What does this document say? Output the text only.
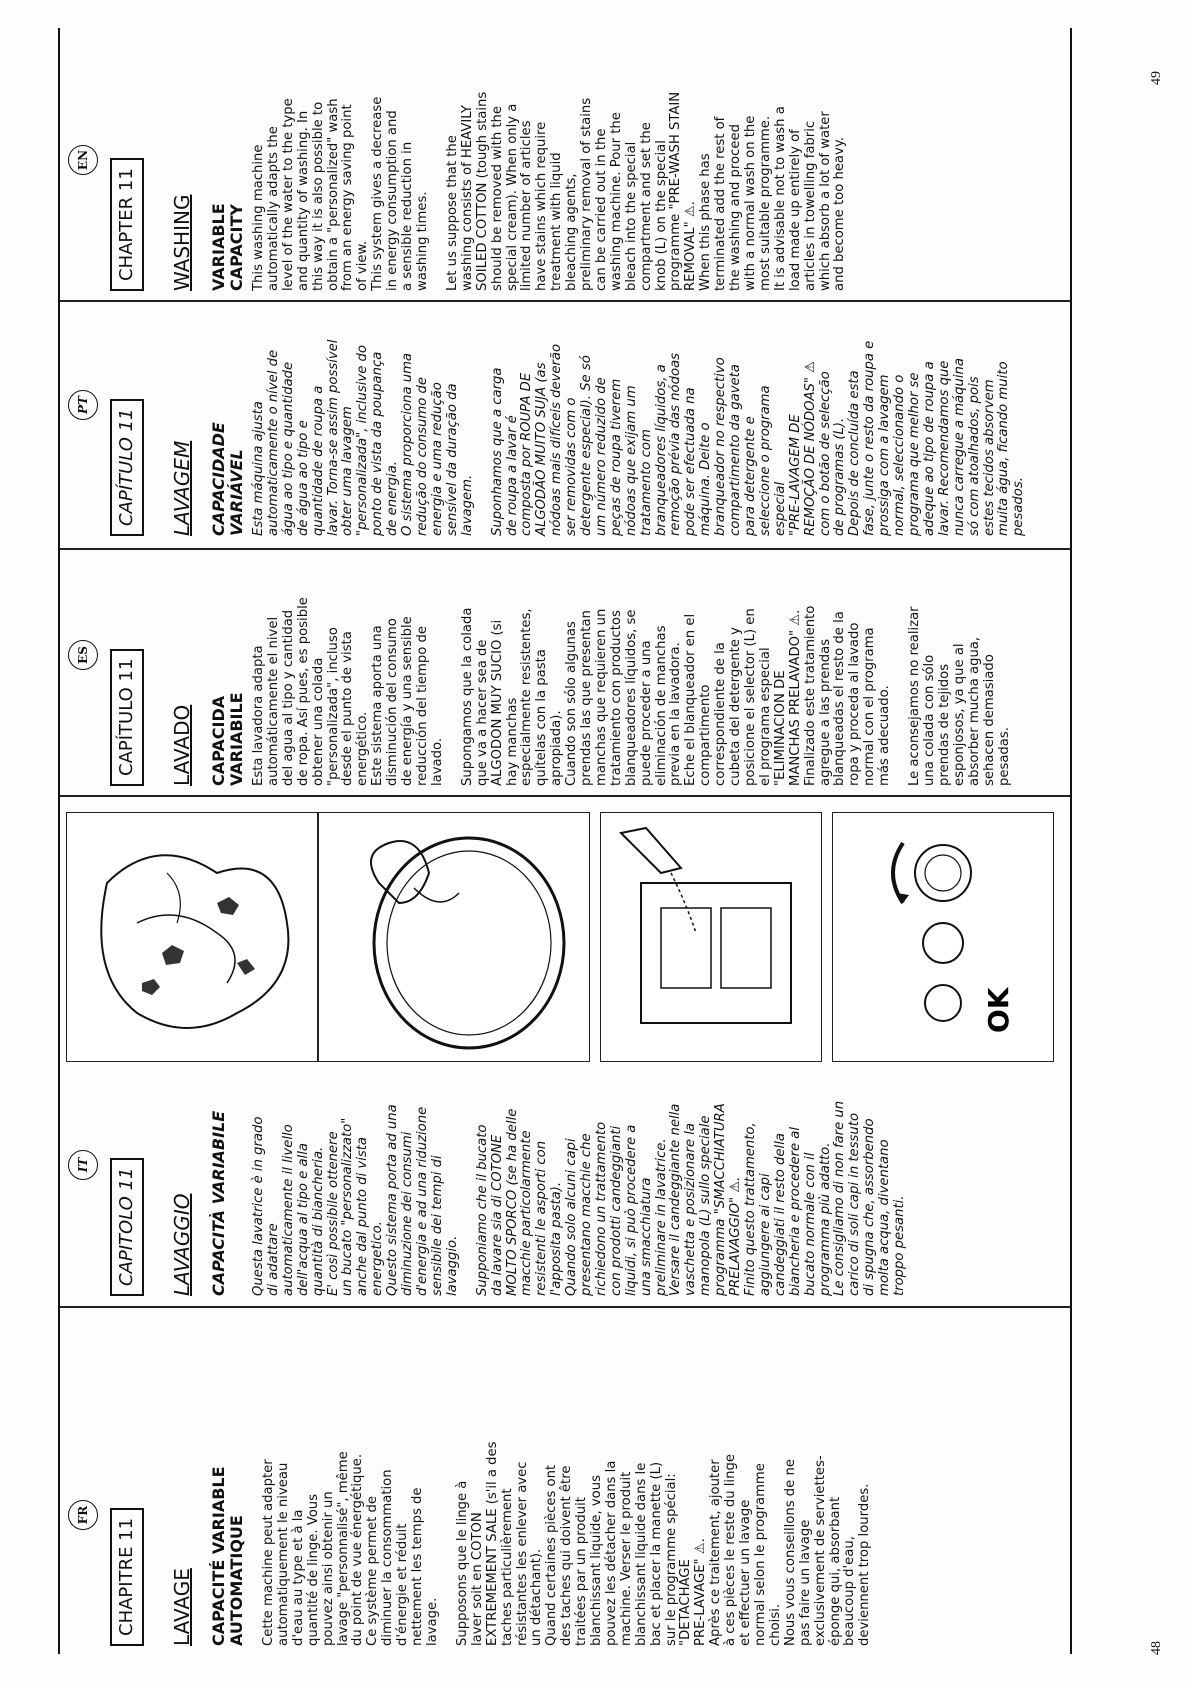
48
49
FR
CHAPITRE 11	LAVAGE CAPACITÉ VARIABLE AUTOMATIQUE Cette machine peut adapter
automatiquement le niveau
d'eau au type et à la
quantité de linge. Vous
pouvez ainsi obtenir un
lavage "personnalisé", même
du point de vue énergétique.
Ce système permet de
diminuer la consommation
d'énergie et réduit
nettement les temps de
lavage. Supposons que le linge à
laver soit en COTON
EXTREMEMENT SALE (s'il a des
taches particulièrement
résistantes les enlever avec
un détachant).
Quand certaines pièces ont
des taches qui doivent être
traitées par un produit
blanchissant liquide, vous
pouvez les détacher dans la
machine. Verser le produit
blanchissant liquide dans le
bac et placer la manette (L)
sur le programme spécial:
"DETACHAGE
PRE-LAVAGE" ⚠.
Après ce traitement, ajouter
à ces pièces le reste du linge
et effectuer un lavage
normal selon le programme
choisi.
Nous vous conseillons de ne
pas faire un lavage
exclusivement de serviettes-
éponge qui, absorbant
beaucoup d'eau,
deviennent trop lourdes.

IT
CAPITOLO 11	LAVAGGIO CAPACITÀ VARIABILE Questa lavatrice è in grado
di adattare
automaticamente il livello
dell'acqua al tipo e alla
quantità di biancheria.
E' così possibile ottenere
un bucato "personalizzato"
anche dal punto di vista
energetico.
Questo sistema porta ad una
diminuzione dei consumi
d'energia e ad una riduzione
sensibile dei tempi di
lavaggio. Supponiamo che il bucato
da lavare sia di COTONE
MOLTO SPORCO (se ha delle
macchie particolarmente
resistenti le asporti con
l'apposita pasta).
Quando solo alcuni capi
presentano macchie che
richiedono un trattamento
con prodotti candeggianti
liquidi, si può procedere a
una smacchiatura
preliminare in lavatrice.
Versare il candeggiante nella
vaschetta e posizionare la
manopola (L) sullo speciale
programma "SMACCHIATURA
PRELAVAGGIO" ⚠.
Finito questo trattamento,
aggiungere ai capi
candeggiati il resto della
biancheria e procedere al
bucato normale con il
programma più adatto.
Le consigliamo di non fare un
carico di soli capi in tessuto
di spugna che, assorbendo
molta acqua, diventano
troppo pesanti.

ES
CAPÍTULO 11	LAVADO CAPACIDA VARIABILE Esta lavadora adapta
automáticamente el nivel
del agua al tipo y cantidad
de ropa. Así pues, es posible
obtener una colada
"personalizada", incluso
desde el punto de vista
energético.
Este sistema aporta una
disminución del consumo
de energía y una sensible
reducción del tiempo de
lavado. Supongamos que la colada
que va a hacer sea de
ALGODON MUY SUCIO (si
hay manchas
especialmente resistentes,
quítelas con la pasta
apropiada).
Cuando son sólo algunas
prendas las que presentan
manchas que requieren un
tratamiento con productos
blanqueadores líquidos, se
puede proceder a una
eliminación de manchas
previa en la lavadora.
Eche el blanqueador en el
compartimento
correspondiente de la
cubeta del detergente y
posicione el selector (L) en
el programa especial
"ELIMINACION DE
MANCHAS PRELAVADO" ⚠.
Finalizado este tratamiento
agregue a las prendas
blanqueadas el resto de la
ropa y proceda al lavado
normal con el programa
más adecuado. Le aconsejamos no realizar
una colada con sólo
prendas de tejidos
esponjosos, ya que al
absorber mucha agua,
sehacen demasiado
pesadas.

PT
CAPÍTULO 11	LAVAGEM CAPACIDADE VARIÁVEL Esta máquina ajusta
automaticamente o nível de
água ao tipo e quantidade
de água ao tipo e
quantidade de roupa a
lavar. Torna-se assim possível
obter uma lavagem
"personalizada", inclusive do
ponto de vista da poupança
de energia.
O sistema proporciona uma
redução do consumo de
energia e uma redução
sensível da duração da
lavagem. Suponhamos que a carga
de roupa a lavar é
composta por ROUPA DE
ALGODÃO MUITO SUJA (as
nódoas mais difíceis deverão
ser removidas com o
detergente especial). Se só
um número reduzido de
peças de roupa tiverem
nódoas que exijam um
tratamento com
branqueadores líquidos, a
remoção prévia das nódoas
pode ser efectuada na
máquina. Deite o
branqueador no respectivo
compartimento da gaveta
para detergente e
seleccione o programa
especial
"PRE-LAVAGEM DE
REMOÇÃO DE NÓDOAS" ⚠
com o botão de selecção
de programas (L).
Depois de concluída esta
fase, junte o resto da roupa e
prossiga com a lavagem
normal, seleccionando o
programa que melhor se
adeque ao tipo de roupa a
lavar. Recomendamos que
nunca carregue a máquina
só com atoalhados, pois
estes tecidos absorvem
muita água, ficando muito
pesados.

EN
CHAPTER 11	WASHING VARIABLE CAPACITY This washing machine
automatically adapts the
level of the water to the type
and quantity of washing. In
this way it is also possible to
obtain a "personalized" wash
from an energy saving point
of view.
This system gives a decrease
in energy consumption and
a sensible reduction in
washing times. Let us suppose that the
washing consists of HEAVILY
SOILED COTTON (tough stains
should be removed with the
special cream). When only a
limited number of articles
have stains which require
treatment with liquid
bleaching agents,
preliminary removal of stains
can be carried out in the
washing machine. Pour the
bleach into the special
compartment and set the
knob (L) on the special
programme "PRE-WASH STAIN
REMOVAL" ⚠.
When this phase has
terminated add the rest of
the washing and proceed
with a normal wash on the
most suitable programme.
It is advisable not to wash a
load made up entirely of
articles in towelling fabric
which absorb a lot of water
and become too heavy.

OK
